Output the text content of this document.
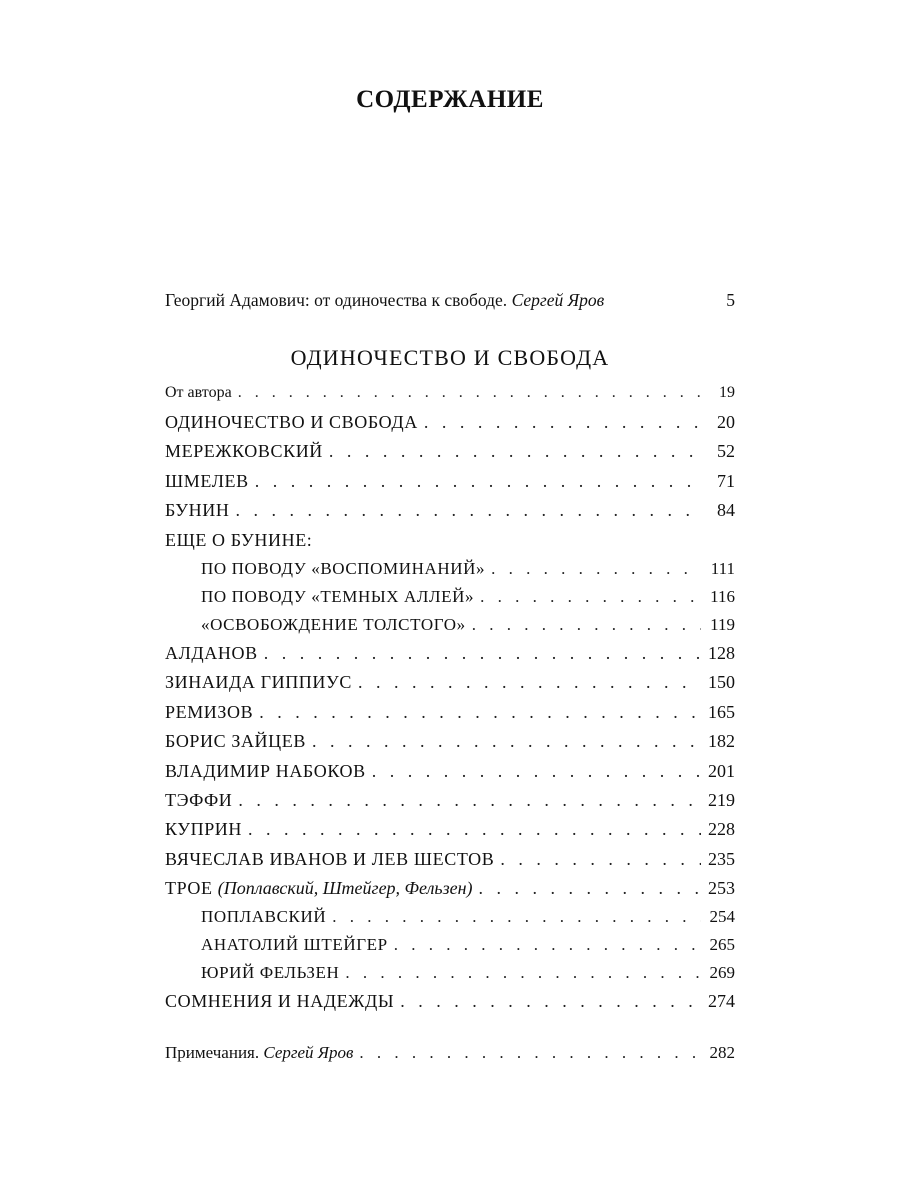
СОДЕРЖАНИЕ
Георгий Адамович: от одиночества к свободе. Сергей Яров	5
ОДИНОЧЕСТВО И СВОБОДА
От автора . . .	19
ОДИНОЧЕСТВО И СВОБОДА . . .	20
МЕРЕЖКОВСКИЙ . . .	52
ШМЕЛЕВ . . .	71
БУНИН . . .	84
ЕЩЕ О БУНИНЕ:
ПО ПОВОДУ «ВОСПОМИНАНИЙ» . . .	111
ПО ПОВОДУ «ТЕМНЫХ АЛЛЕЙ» . . .	116
«ОСВОБОЖДЕНИЕ ТОЛСТОГО» . . .	119
АЛДАНОВ . . .	128
ЗИНАИДА ГИППИУС . . .	150
РЕМИЗОВ . . .	165
БОРИС ЗАЙЦЕВ . . .	182
ВЛАДИМИР НАБОКОВ . . .	201
ТЭФФИ . . .	219
КУПРИН . . .	228
ВЯЧЕСЛАВ ИВАНОВ И ЛЕВ ШЕСТОВ . . .	235
ТРОЕ (Поплавский, Штейгер, Фельзен) . . .	253
ПОПЛАВСКИЙ . . .	254
АНАТОЛИЙ ШТЕЙГЕР . . .	265
ЮРИЙ ФЕЛЬЗЕН . . .	269
СОМНЕНИЯ И НАДЕЖДЫ . . .	274
Примечания. Сергей Яров . . .	282
